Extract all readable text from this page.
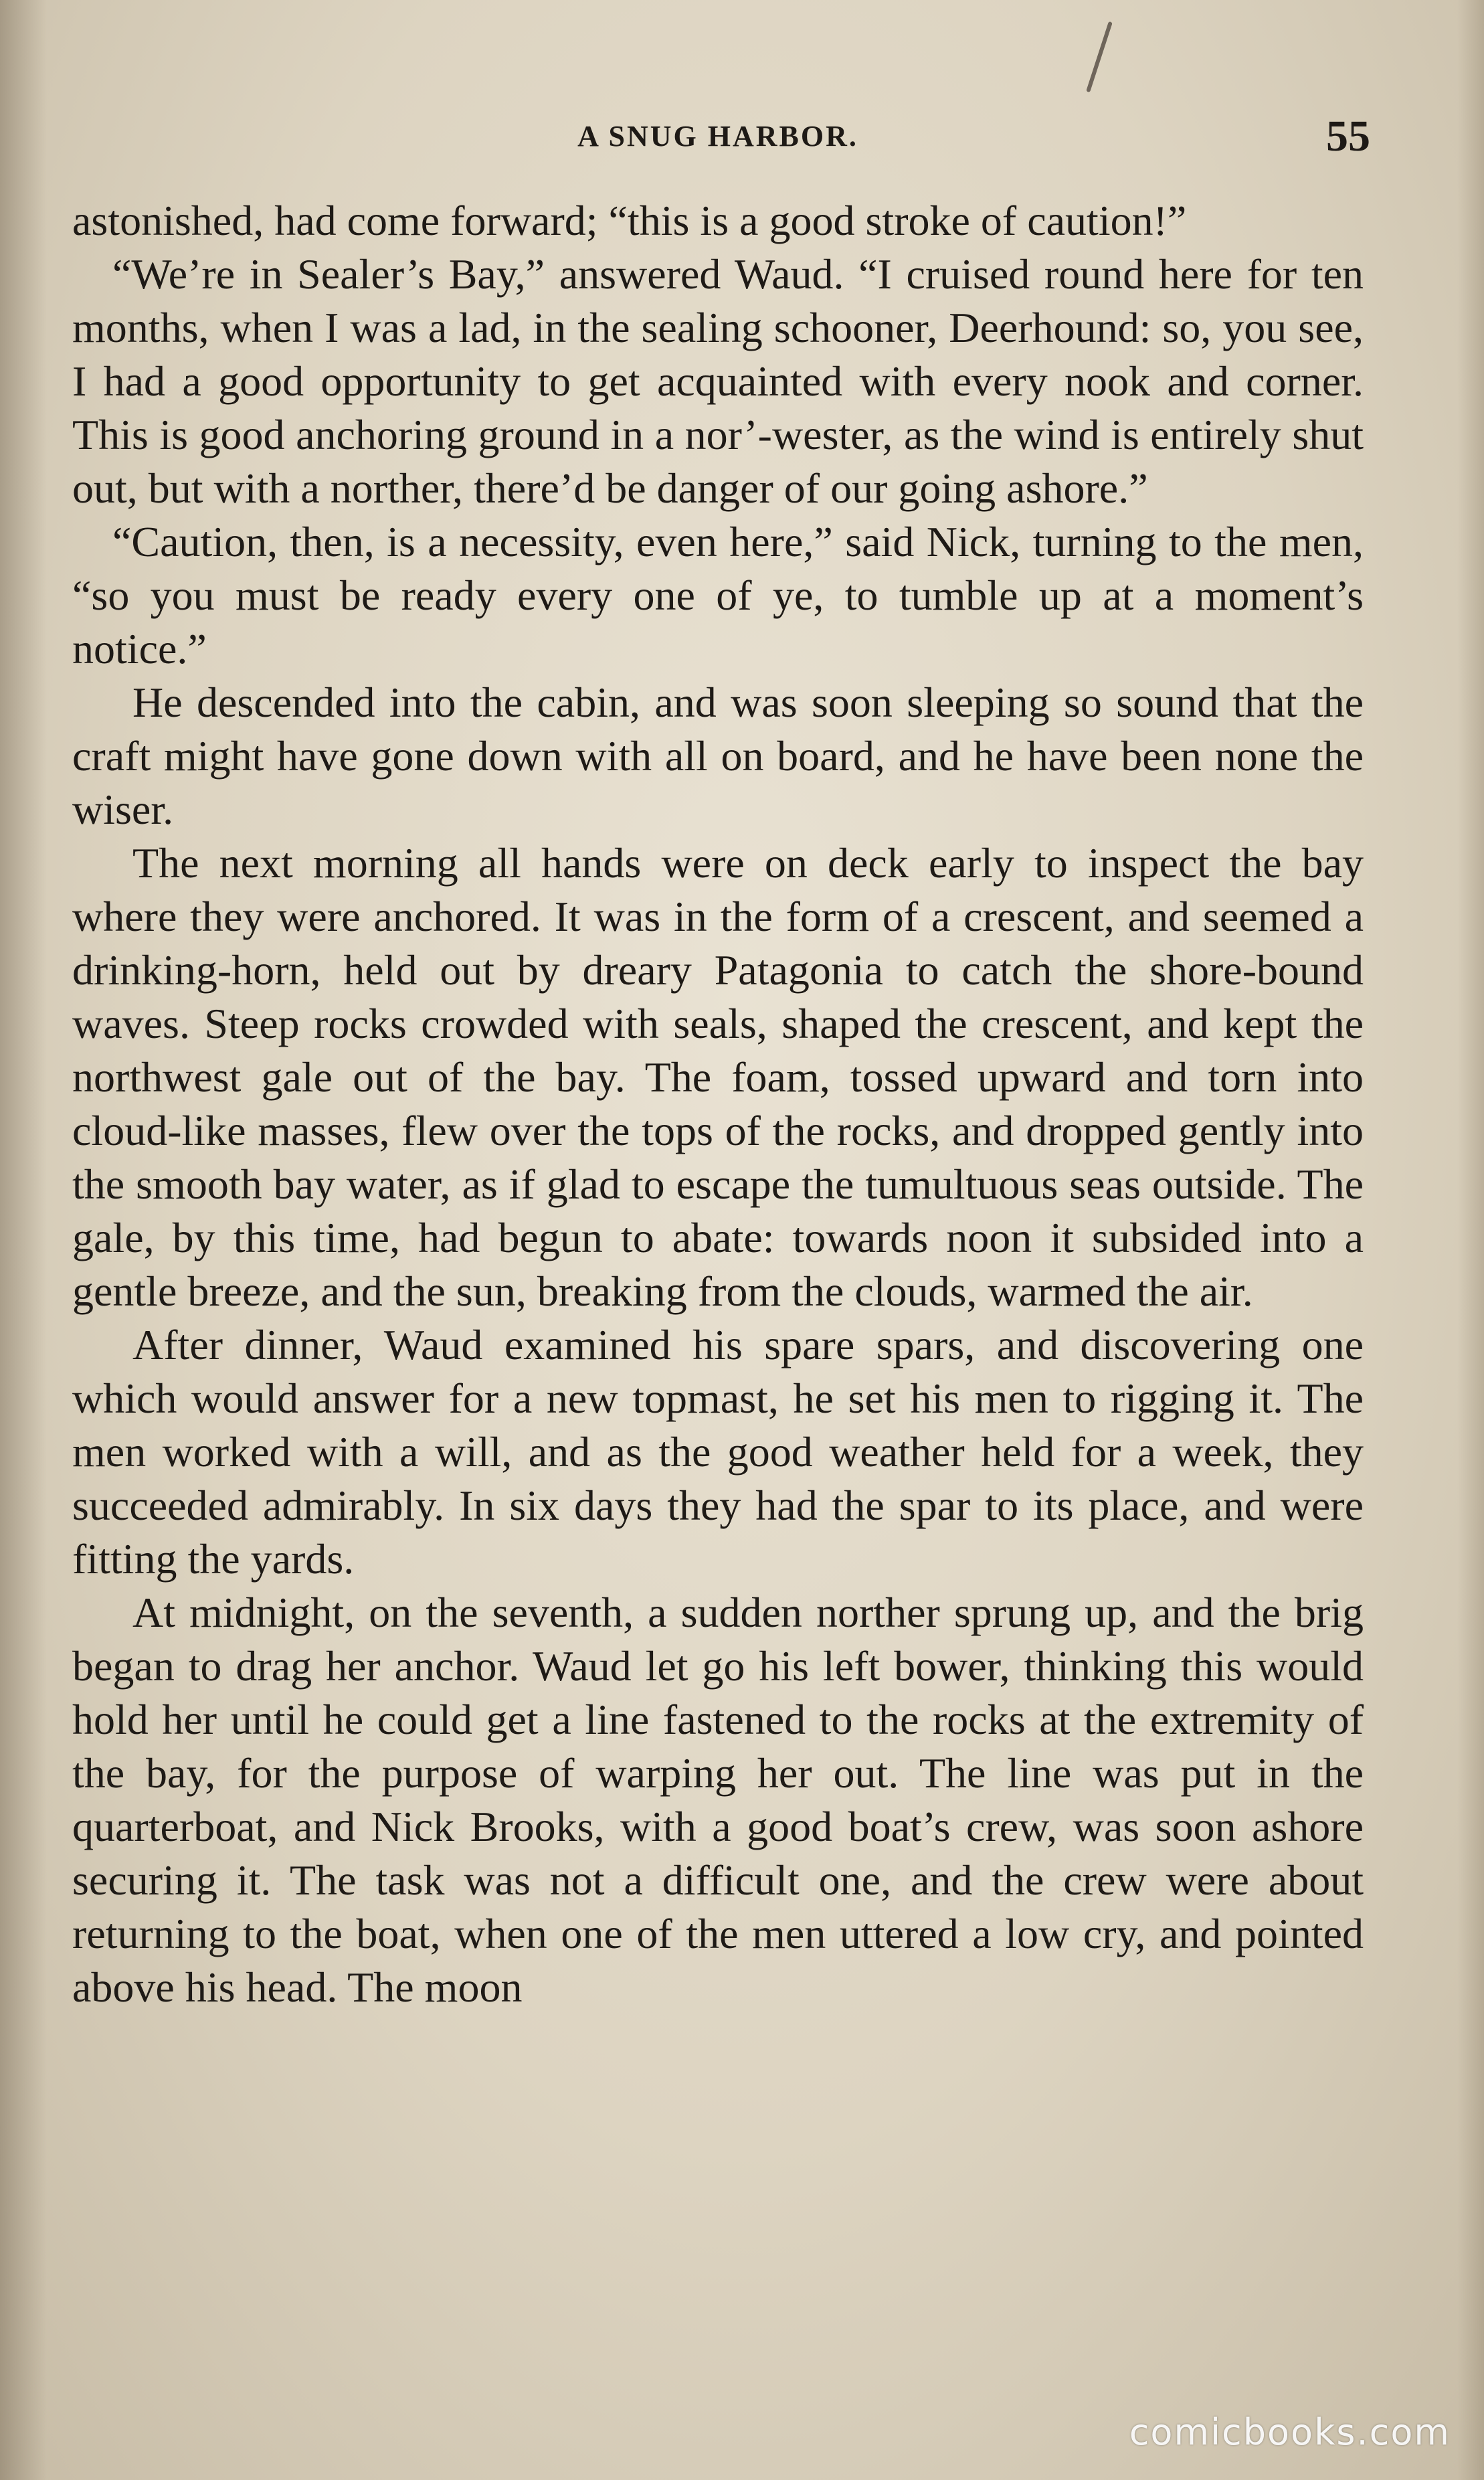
A SNUG HARBOR.	55

astonished, had come forward; “this is a good stroke of caution!”

“We’re in Sealer’s Bay,” answered Waud. “I cruised round here for ten months, when I was a lad, in the sealing schooner, Deerhound: so, you see, I had a good opportunity to get acquainted with every nook and corner. This is good anchoring ground in a nor’-wester, as the wind is entirely shut out, but with a norther, there’d be danger of our going ashore.”

“Caution, then, is a necessity, even here,” said Nick, turning to the men, “so you must be ready every one of ye, to tumble up at a moment’s notice.”

He descended into the cabin, and was soon sleeping so sound that the craft might have gone down with all on board, and he have been none the wiser.

The next morning all hands were on deck early to inspect the bay where they were anchored. It was in the form of a crescent, and seemed a drinking-horn, held out by dreary Patagonia to catch the shore-bound waves. Steep rocks crowded with seals, shaped the crescent, and kept the northwest gale out of the bay. The foam, tossed upward and torn into cloud-like masses, flew over the tops of the rocks, and dropped gently into the smooth bay water, as if glad to escape the tumultuous seas outside. The gale, by this time, had begun to abate: towards noon it subsided into a gentle breeze, and the sun, breaking from the clouds, warmed the air.

After dinner, Waud examined his spare spars, and discovering one which would answer for a new topmast, he set his men to rigging it. The men worked with a will, and as the good weather held for a week, they succeeded admirably. In six days they had the spar to its place, and were fitting the yards.

At midnight, on the seventh, a sudden norther sprung up, and the brig began to drag her anchor. Waud let go his left bower, thinking this would hold her until he could get a line fastened to the rocks at the extremity of the bay, for the purpose of warping her out. The line was put in the quarterboat, and Nick Brooks, with a good boat’s crew, was soon ashore securing it. The task was not a difficult one, and the crew were about returning to the boat, when one of the men uttered a low cry, and pointed above his head. The moon

comicbooks.com
